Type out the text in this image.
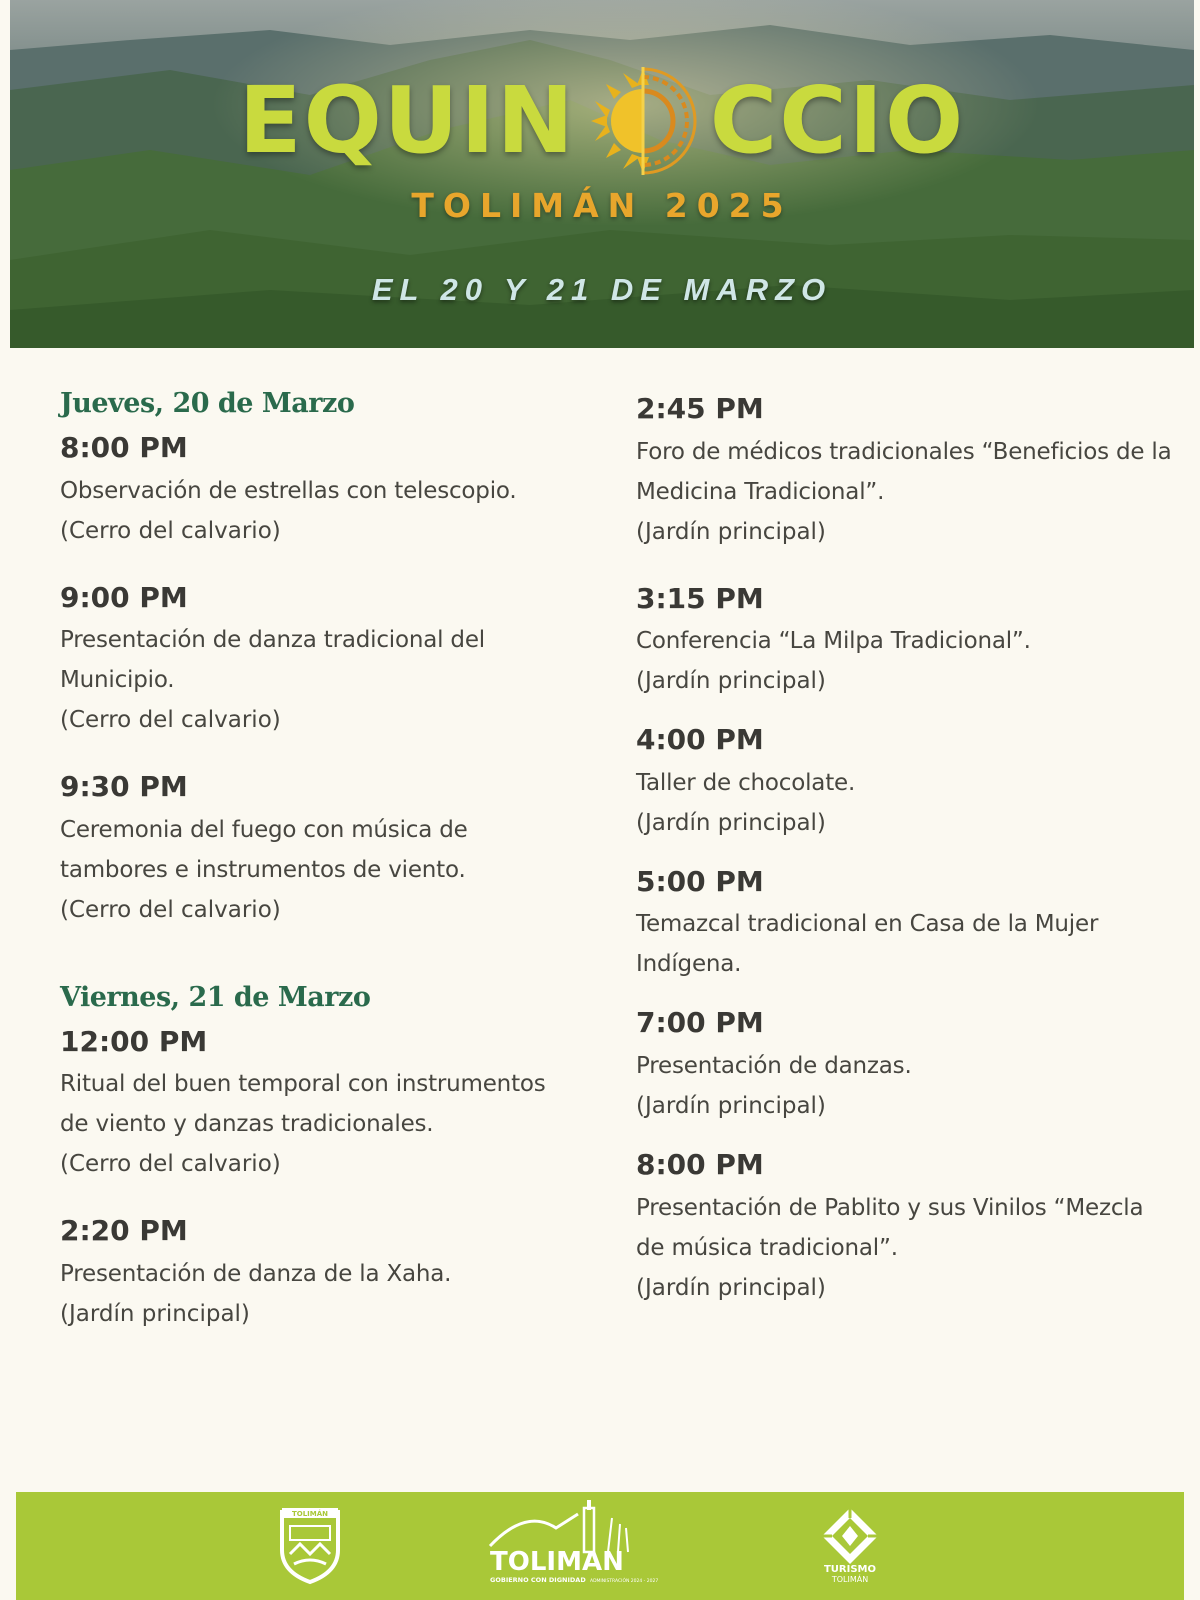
EQUIN CCIO
TOLIMÁN 2025
EL 20 Y 21 DE MARZO
Jueves, 20 de Marzo
8:00 PM
Observación de estrellas con telescopio.
(Cerro del calvario)
9:00 PM
Presentación de danza tradicional del Municipio.
(Cerro del calvario)
9:30 PM
Ceremonia del fuego con música de tambores e instrumentos de viento.
(Cerro del calvario)
Viernes, 21 de Marzo
12:00 PM
Ritual del buen temporal con instrumentos de viento y danzas tradicionales.
(Cerro del calvario)
2:20 PM
Presentación de danza de la Xaha.
(Jardín principal)
2:45 PM
Foro de médicos tradicionales “Beneficios de la Medicina Tradicional”.
(Jardín principal)
3:15 PM
Conferencia “La Milpa Tradicional”.
(Jardín principal)
4:00 PM
Taller de chocolate.
(Jardín principal)
5:00 PM
Temazcal tradicional en Casa de la Mujer Indígena.
7:00 PM
Presentación de danzas.
(Jardín principal)
8:00 PM
Presentación de Pablito y sus Vinilos “Mezcla de música tradicional”.
(Jardín principal)
TOLIMÁN
TOLIMAN
GOBIERNO CON DIGNIDAD ADMINISTRACIÓN 2024 - 2027
TURISMO
TOLIMÁN
